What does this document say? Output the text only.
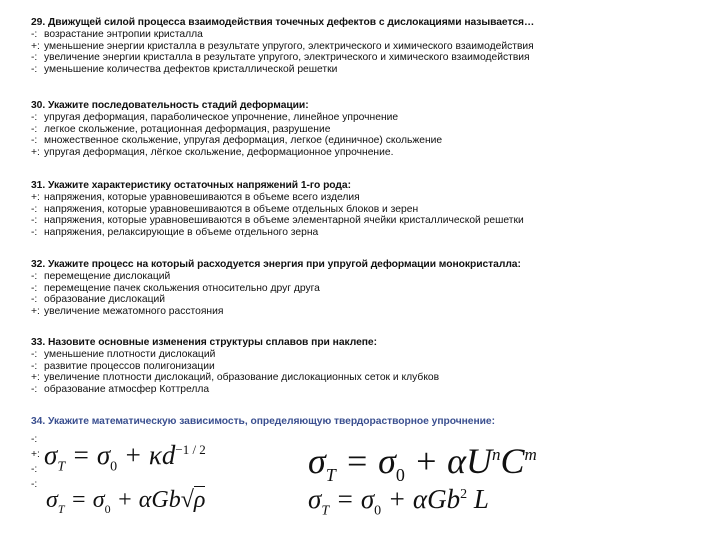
29. Движущей силой процесса взаимодействия точечных дефектов с дислокациями называется…
-: возрастание энтропии кристалла
+: уменьшение энергии кристалла в результате упругого, электрического и химического взаимодействия
-: увеличение энергии кристалла в результате упругого, электрического и химического взаимодействия
-: уменьшение количества дефектов кристаллической решетки
30. Укажите последовательность стадий деформации:
-: упругая деформация, параболическое упрочнение, линейное упрочнение
-: легкое скольжение, ротационная деформация, разрушение
-: множественное скольжение, упругая деформация, легкое (единичное) скольжение
+: упругая деформация, лёгкое скольжение, деформационное упрочнение.
31. Укажите характеристику остаточных напряжений 1-го рода:
+: напряжения, которые уравновешиваются в объеме всего изделия
-: напряжения, которые уравновешиваются в объеме отдельных блоков и зерен
-: напряжения, которые уравновешиваются в объеме элементарной ячейки кристаллической решетки
-: напряжения, релаксирующие в объеме отдельного зерна
32. Укажите процесс на который расходуется энергия при упругой деформации монокристалла:
-: перемещение дислокаций
-: перемещение пачек скольжения относительно друг друга
-: образование дислокаций
+: увеличение межатомного расстояния
33. Назовите основные изменения структуры сплавов при наклепе:
-: уменьшение плотности дислокаций
-: развитие процессов полигонизации
+: увеличение плотности дислокаций, образование дислокационных сеток и клубков
-: образование атмосфер Коттрелла
34. Укажите математическую зависимость, определяющую твердорастворное упрочнение:
-:
+:
-:
-:
$\sigma_T = \sigma_0 + \kappa d^{-1 / 2}$	$\sigma_T = \sigma_0 + \alpha U^nC^m$
$\sigma_T = \sigma_0 + \alpha Gb√\rho$	$\sigma_T = \sigma_0 + \alpha Gb^2$ L
